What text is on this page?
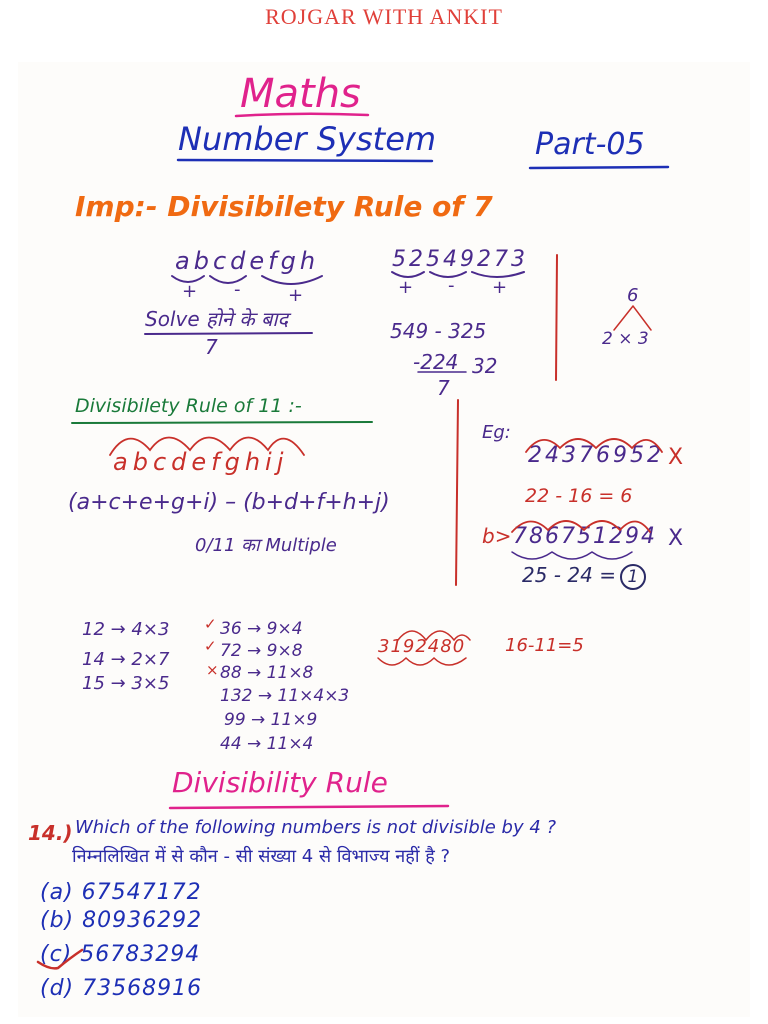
ROJGAR WITH ANKIT
Maths
Number System	Part-05
Imp:- Divisibilety Rule of 7
abcdefgh
+ -	+
52549273
+ - +
Solve होने के बाद
7
549 - 325
-224 32
7
6
2 × 3
Divisibilety Rule of 11 :-
abcdefghij
(a+c+e+g+i) – (b+d+f+h+j)
0/11 का Multiple
Eg:
24376952 X
22 - 16 = 6
b> 786751294 X
25 - 24 = 1
12 → 4×3
14 → 2×7
15 → 3×5
✓ 36 → 9×4
✓ 72 → 9×8
× 88 → 11×8
132 → 11×4×3
99 → 11×9
44 → 11×4
3192480 16-11=5
Divisibility Rule
14.) Which of the following numbers is not divisible by 4 ?
निम्नलिखित में से कौन - सी संख्या 4 से विभाज्य नहीं है ?
(a) 67547172
(b) 80936292
(c) 56783294
(d) 73568916
